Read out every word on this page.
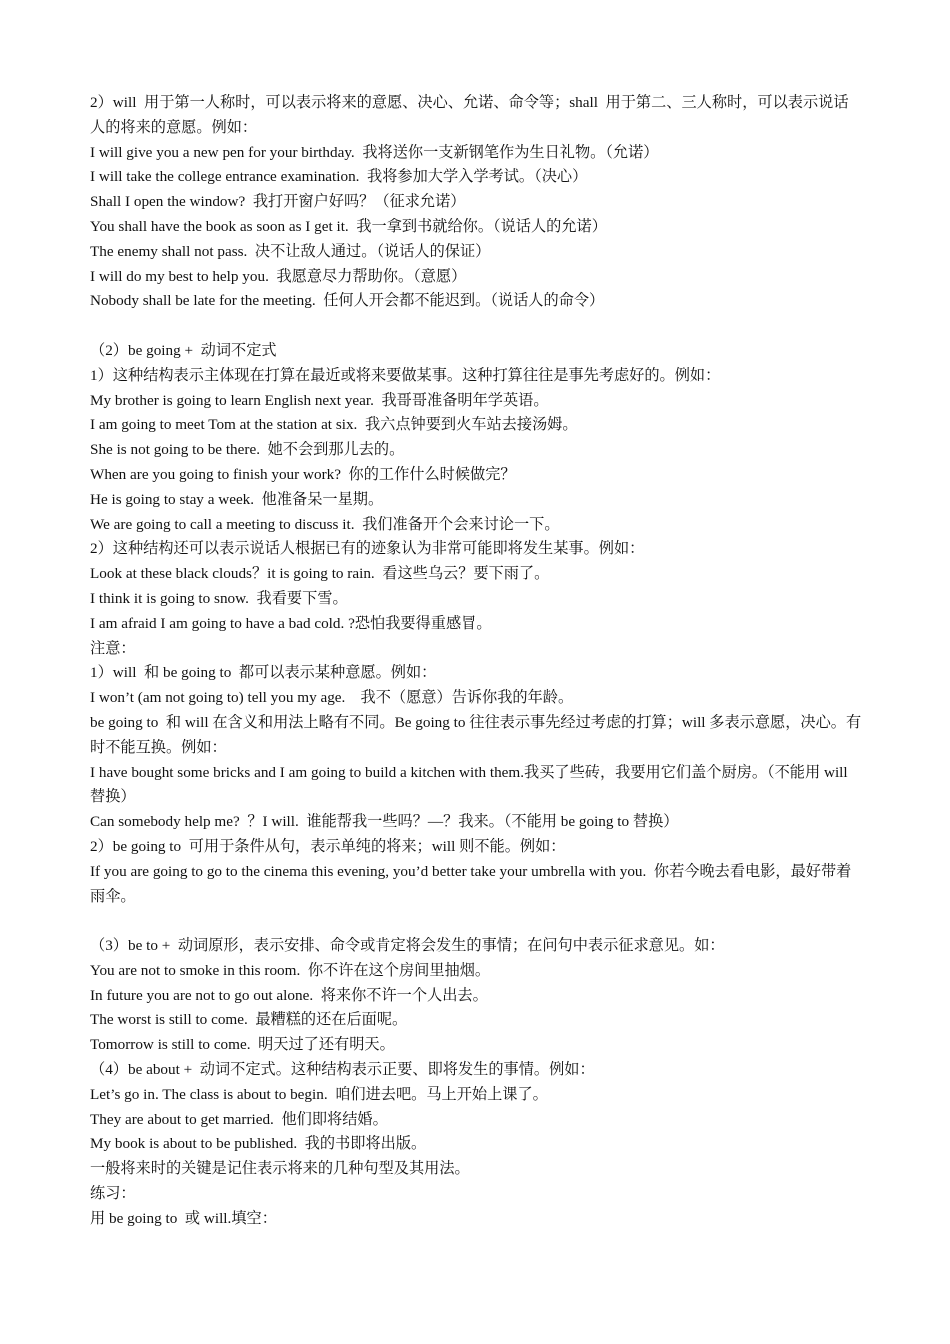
2）will  用于第一人称时，可以表示将来的意愿、决心、允诺、命令等；shall  用于第二、三人称时，可以表示说话人的将来的意愿。例如：
I will give you a new pen for your birthday.  我将送你一支新钢笔作为生日礼物。（允诺）
I will take the college entrance examination.  我将参加大学入学考试。（决心）
Shall I open the window?  我打开窗户好吗？（征求允诺）
You shall have the book as soon as I get it.  我一拿到书就给你。（说话人的允诺）
The enemy shall not pass.  决不让敌人通过。（说话人的保证）
I will do my best to help you.  我愿意尽力帮助你。（意愿）
Nobody shall be late for the meeting.  任何人开会都不能迟到。（说话人的命令）
（2）be going +  动词不定式
1）这种结构表示主体现在打算在最近或将来要做某事。这种打算往往是事先考虑好的。例如：
My brother is going to learn English next year.  我哥哥准备明年学英语。
I am going to meet Tom at the station at six.  我六点钟要到火车站去接汤姆。
She is not going to be there.  她不会到那儿去的。
When are you going to finish your work?  你的工作什么时候做完？
He is going to stay a week.  他准备呆一星期。
We are going to call a meeting to discuss it.  我们准备开个会来讨论一下。
2）这种结构还可以表示说话人根据已有的迹象认为非常可能即将发生某事。例如：
Look at these black clouds？it is going to rain.  看这些乌云？要下雨了。
I think it is going to snow.  我看要下雪。
I am afraid I am going to have a bad cold. ?恐怕我要得重感冒。
注意：
1）will  和 be going to  都可以表示某种意愿。例如：
I won’t (am not going to) tell you my age.    我不（愿意）告诉你我的年龄。
be going to  和 will 在含义和用法上略有不同。Be going to 往往表示事先经过考虑的打算；will 多表示意愿，决心。有时不能互换。例如：
I have bought some bricks and I am going to build a kitchen with them.我买了些砖，我要用它们盖个厨房。（不能用 will 替换）
Can somebody help me?  ？I will.  谁能帮我一些吗？—？我来。（不能用 be going to 替换）
2）be going to  可用于条件从句，表示单纯的将来；will 则不能。例如：
If you are going to go to the cinema this evening, you’d better take your umbrella with you.  你若今晚去看电影，最好带着雨伞。
（3）be to +  动词原形，表示安排、命令或肯定将会发生的事情；在问句中表示征求意见。如：
You are not to smoke in this room.  你不许在这个房间里抽烟。
In future you are not to go out alone.  将来你不许一个人出去。
The worst is still to come.  最糟糕的还在后面呢。
Tomorrow is still to come.  明天过了还有明天。
（4）be about +  动词不定式。这种结构表示正要、即将发生的事情。例如：
Let’s go in. The class is about to begin.  咱们进去吧。马上开始上课了。
They are about to get married.  他们即将结婚。
My book is about to be published.  我的书即将出版。
一般将来时的关键是记住表示将来的几种句型及其用法。
练习：
用 be going to  或 will.填空：
